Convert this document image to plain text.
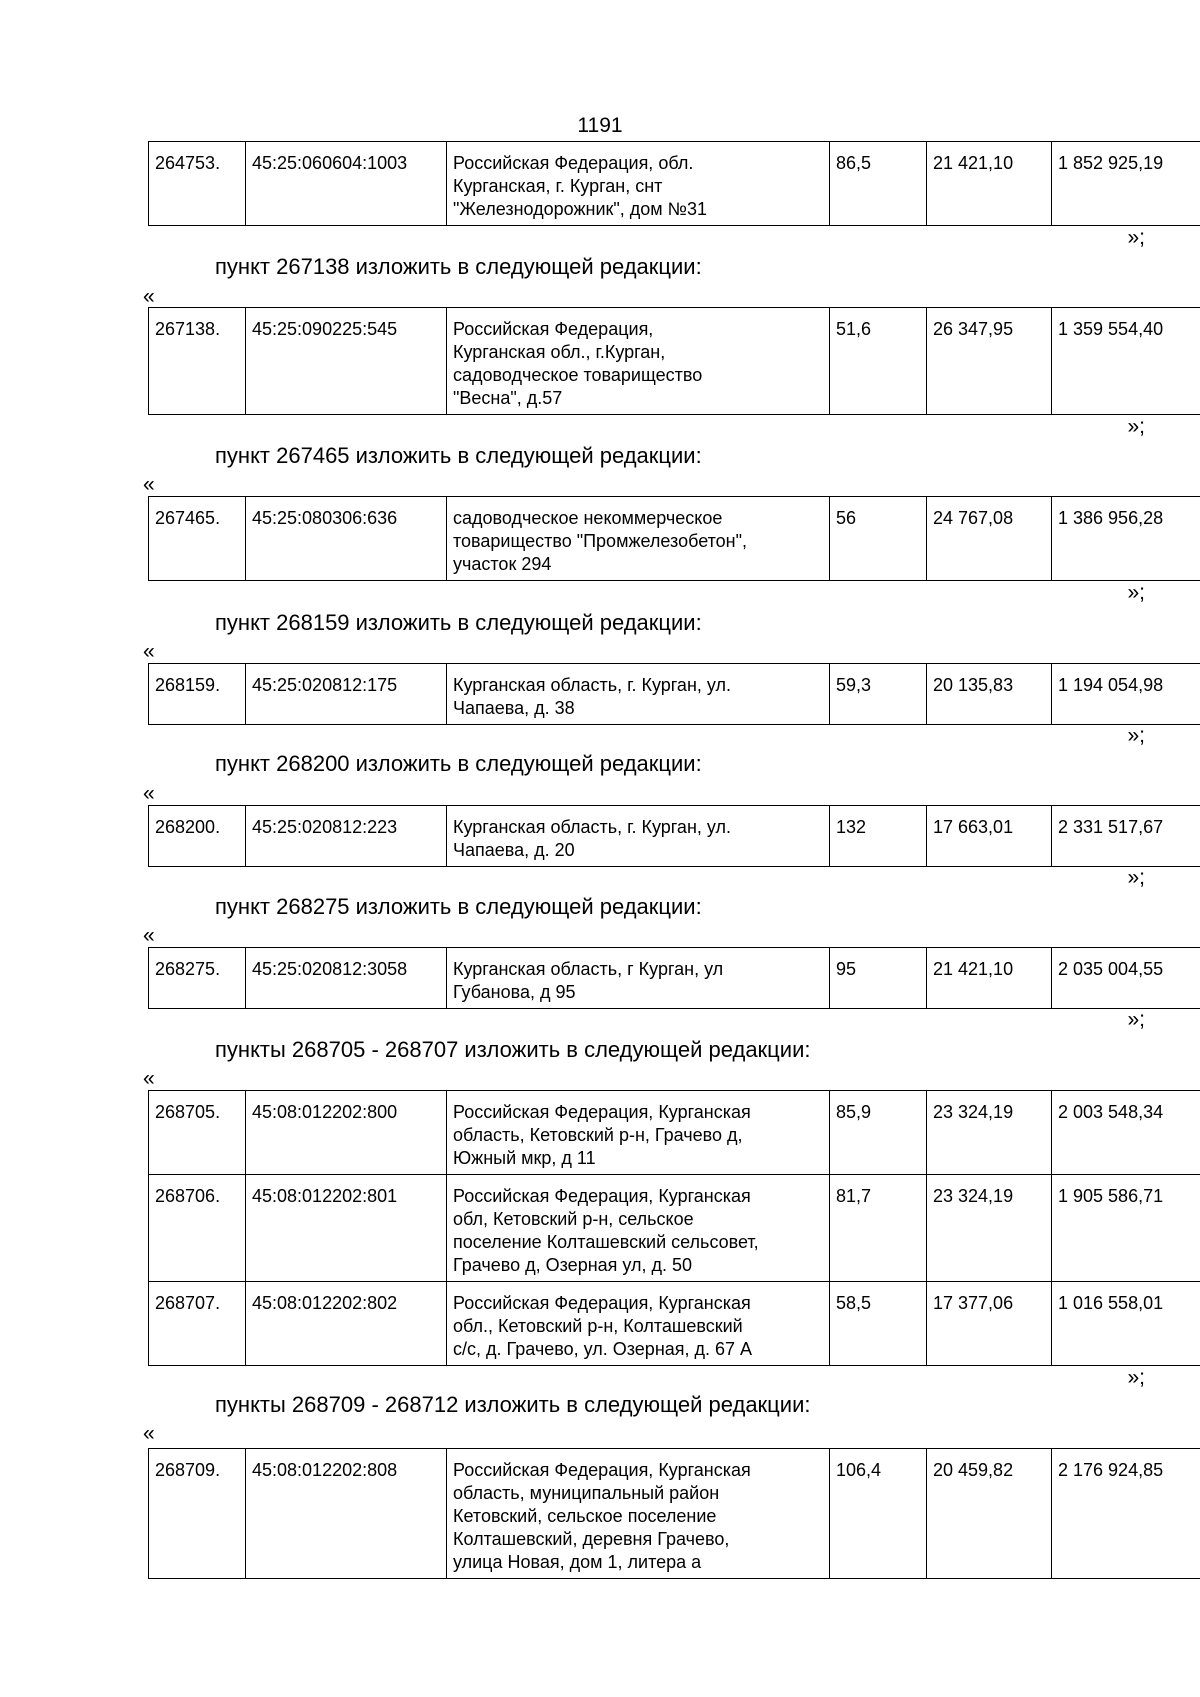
1191
264753.	45:25:060604:1003	Российская Федерация, обл.
Курганская, г. Курган, снт
"Железнодорожник", дом №31	86,5	21 421,10	1 852 925,19
»;
пункт 267138 изложить в следующей редакции:
«
267138.	45:25:090225:545	Российская Федерация,
Курганская обл., г.Курган,
садоводческое товарищество
"Весна", д.57	51,6	26 347,95	1 359 554,40
»;
пункт 267465 изложить в следующей редакции:
«
267465.	45:25:080306:636	садоводческое некоммерческое
товарищество "Промжелезобетон",
участок 294	56	24 767,08	1 386 956,28
»;
пункт 268159 изложить в следующей редакции:
«
268159.	45:25:020812:175	Курганская область, г. Курган, ул.
Чапаева, д. 38	59,3	20 135,83	1 194 054,98
»;
пункт 268200 изложить в следующей редакции:
«
268200.	45:25:020812:223	Курганская область, г. Курган, ул.
Чапаева, д. 20	132	17 663,01	2 331 517,67
»;
пункт 268275 изложить в следующей редакции:
«
268275.	45:25:020812:3058	Курганская область, г Курган, ул
Губанова, д 95	95	21 421,10	2 035 004,55
»;
пункты 268705 - 268707 изложить в следующей редакции:
«
268705.	45:08:012202:800	Российская Федерация, Курганская
область, Кетовский р-н, Грачево д,
Южный мкр, д 11	85,9	23 324,19	2 003 548,34
268706.	45:08:012202:801	Российская Федерация, Курганская
обл, Кетовский р-н, сельское
поселение Колташевский сельсовет,
Грачево д, Озерная ул, д. 50	81,7	23 324,19	1 905 586,71
268707.	45:08:012202:802	Российская Федерация, Курганская
обл., Кетовский р-н, Колташевский
с/с, д. Грачево, ул. Озерная, д. 67 А	58,5	17 377,06	1 016 558,01
»;
пункты 268709 - 268712 изложить в следующей редакции:
«
268709.	45:08:012202:808	Российская Федерация, Курганская
область, муниципальный район
Кетовский, сельское поселение
Колташевский, деревня Грачево,
улица Новая, дом 1, литера а	106,4	20 459,82	2 176 924,85
